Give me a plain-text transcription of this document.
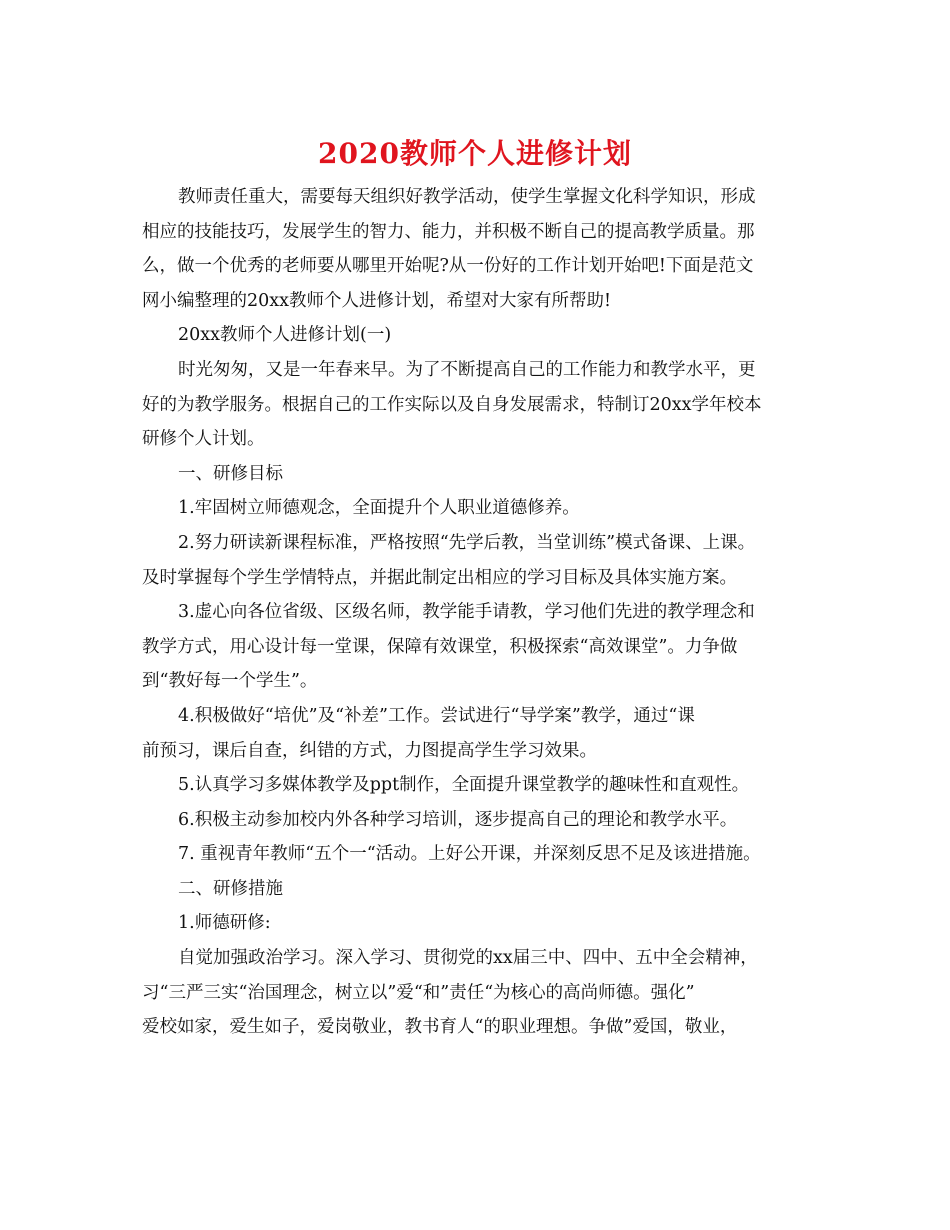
2020教师个人进修计划
教师责任重大，需要每天组织好教学活动，使学生掌握文化科学知识，形成
相应的技能技巧，发展学生的智力、能力，并积极不断自己的提高教学质量。那
么，做一个优秀的老师要从哪里开始呢?从一份好的工作计划开始吧!下面是范文
网小编整理的20xx教师个人进修计划，希望对大家有所帮助!
20xx教师个人进修计划(一)
时光匆匆，又是一年春来早。为了不断提高自己的工作能力和教学水平，更
好的为教学服务。根据自己的工作实际以及自身发展需求，特制订20xx学年校本
研修个人计划。
一、研修目标
1.牢固树立师德观念，全面提升个人职业道德修养。
2.努力研读新课程标准，严格按照“先学后教，当堂训练”模式备课、上课。
及时掌握每个学生学情特点，并据此制定出相应的学习目标及具体实施方案。
3.虚心向各位省级、区级名师，教学能手请教，学习他们先进的教学理念和
教学方式，用心设计每一堂课，保障有效课堂，积极探索“高效课堂”。力争做
到“教好每一个学生”。
4.积极做好“培优”及“补差”工作。尝试进行“导学案”教学，通过“课
前预习，课后自查，纠错的方式，力图提高学生学习效果。
5.认真学习多媒体教学及ppt制作，全面提升课堂教学的趣味性和直观性。
6.积极主动参加校内外各种学习培训，逐步提高自己的理论和教学水平。
7. 重视青年教师“五个一“活动。上好公开课，并深刻反思不足及该进措施。
二、研修措施
1.师德研修:
自觉加强政治学习。深入学习、贯彻党的xx届三中、四中、五中全会精神，
习“三严三实“治国理念，树立以”爱“和”责任“为核心的高尚师德。强化”
爱校如家，爱生如子，爱岗敬业，教书育人“的职业理想。争做”爱国，敬业，
